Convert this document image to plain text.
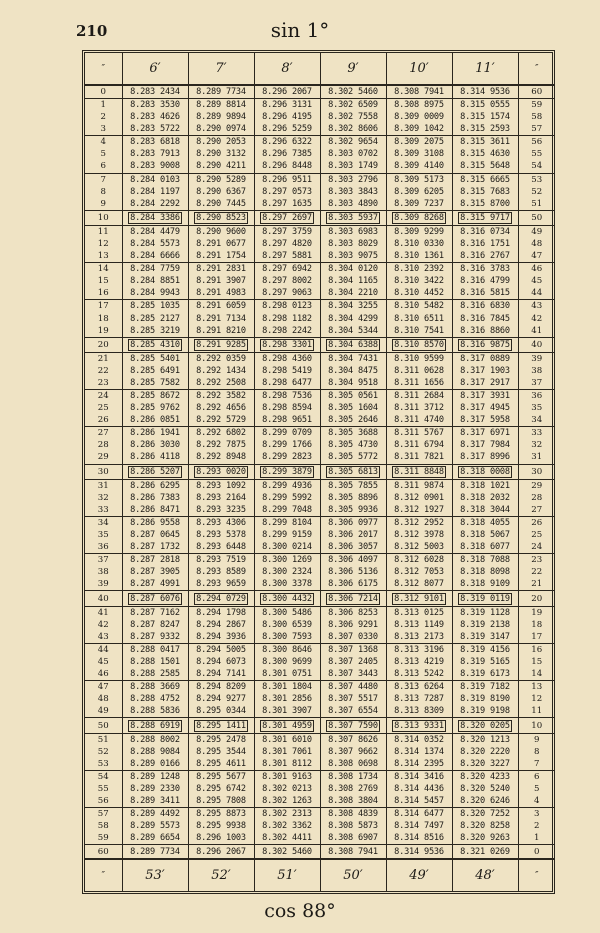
210	sin 1°
″	6′	7′	8′	9′	10′	11′	″
0	8.283 2434	8.289 7734	8.296 2067	8.302 5460	8.308 7941	8.314 9536	60
1	8.283 3530	8.289 8814	8.296 3131	8.302 6509	8.308 8975	8.315 0555	59
2	8.283 4626	8.289 9894	8.296 4195	8.302 7558	8.309 0009	8.315 1574	58
3	8.283 5722	8.290 0974	8.296 5259	8.302 8606	8.309 1042	8.315 2593	57
4	8.283 6818	8.290 2053	8.296 6322	8.302 9654	8.309 2075	8.315 3611	56
5	8.283 7913	8.290 3132	8.296 7385	8.303 0702	8.309 3108	8.315 4630	55
6	8.283 9008	8.290 4211	8.296 8448	8.303 1749	8.309 4140	8.315 5648	54
7	8.284 0103	8.290 5289	8.296 9511	8.303 2796	8.309 5173	8.315 6665	53
8	8.284 1197	8.290 6367	8.297 0573	8.303 3843	8.309 6205	8.315 7683	52
9	8.284 2292	8.290 7445	8.297 1635	8.303 4890	8.309 7237	8.315 8700	51
10	8.284 3386	8.290 8523	8.297 2697	8.303 5937	8.309 8268	8.315 9717	50
11	8.284 4479	8.290 9600	8.297 3759	8.303 6983	8.309 9299	8.316 0734	49
12	8.284 5573	8.291 0677	8.297 4820	8.303 8029	8.310 0330	8.316 1751	48
13	8.284 6666	8.291 1754	8.297 5881	8.303 9075	8.310 1361	8.316 2767	47
14	8.284 7759	8.291 2831	8.297 6942	8.304 0120	8.310 2392	8.316 3783	46
15	8.284 8851	8.291 3907	8.297 8002	8.304 1165	8.310 3422	8.316 4799	45
16	8.284 9943	8.291 4983	8.297 9063	8.304 2210	8.310 4452	8.316 5815	44
17	8.285 1035	8.291 6059	8.298 0123	8.304 3255	8.310 5482	8.316 6830	43
18	8.285 2127	8.291 7134	8.298 1182	8.304 4299	8.310 6511	8.316 7845	42
19	8.285 3219	8.291 8210	8.298 2242	8.304 5344	8.310 7541	8.316 8860	41
20	8.285 4310	8.291 9285	8.298 3301	8.304 6388	8.310 8570	8.316 9875	40
21	8.285 5401	8.292 0359	8.298 4360	8.304 7431	8.310 9599	8.317 0889	39
22	8.285 6491	8.292 1434	8.298 5419	8.304 8475	8.311 0628	8.317 1903	38
23	8.285 7582	8.292 2508	8.298 6477	8.304 9518	8.311 1656	8.317 2917	37
24	8.285 8672	8.292 3582	8.298 7536	8.305 0561	8.311 2684	8.317 3931	36
25	8.285 9762	8.292 4656	8.298 8594	8.305 1604	8.311 3712	8.317 4945	35
26	8.286 0851	8.292 5729	8.298 9651	8.305 2646	8.311 4740	8.317 5958	34
27	8.286 1941	8.292 6802	8.299 0709	8.305 3688	8.311 5767	8.317 6971	33
28	8.286 3030	8.292 7875	8.299 1766	8.305 4730	8.311 6794	8.317 7984	32
29	8.286 4118	8.292 8948	8.299 2823	8.305 5772	8.311 7821	8.317 8996	31
30	8.286 5207	8.293 0020	8.299 3879	8.305 6813	8.311 8848	8.318 0008	30
31	8.286 6295	8.293 1092	8.299 4936	8.305 7855	8.311 9874	8.318 1021	29
32	8.286 7383	8.293 2164	8.299 5992	8.305 8896	8.312 0901	8.318 2032	28
33	8.286 8471	8.293 3235	8.299 7048	8.305 9936	8.312 1927	8.318 3044	27
34	8.286 9558	8.293 4306	8.299 8104	8.306 0977	8.312 2952	8.318 4055	26
35	8.287 0645	8.293 5378	8.299 9159	8.306 2017	8.312 3978	8.318 5067	25
36	8.287 1732	8.293 6448	8.300 0214	8.306 3057	8.312 5003	8.318 6077	24
37	8.287 2818	8.293 7519	8.300 1269	8.306 4097	8.312 6028	8.318 7088	23
38	8.287 3905	8.293 8589	8.300 2324	8.306 5136	8.312 7053	8.318 8098	22
39	8.287 4991	8.293 9659	8.300 3378	8.306 6175	8.312 8077	8.318 9109	21
40	8.287 6076	8.294 0729	8.300 4432	8.306 7214	8.312 9101	8.319 0119	20
41	8.287 7162	8.294 1798	8.300 5486	8.306 8253	8.313 0125	8.319 1128	19
42	8.287 8247	8.294 2867	8.300 6539	8.306 9291	8.313 1149	8.319 2138	18
43	8.287 9332	8.294 3936	8.300 7593	8.307 0330	8.313 2173	8.319 3147	17
44	8.288 0417	8.294 5005	8.300 8646	8.307 1368	8.313 3196	8.319 4156	16
45	8.288 1501	8.294 6073	8.300 9699	8.307 2405	8.313 4219	8.319 5165	15
46	8.288 2585	8.294 7141	8.301 0751	8.307 3443	8.313 5242	8.319 6173	14
47	8.288 3669	8.294 8209	8.301 1804	8.307 4480	8.313 6264	8.319 7182	13
48	8.288 4752	8.294 9277	8.301 2856	8.307 5517	8.313 7287	8.319 8190	12
49	8.288 5836	8.295 0344	8.301 3907	8.307 6554	8.313 8309	8.319 9198	11
50	8.288 6919	8.295 1411	8.301 4959	8.307 7590	8.313 9331	8.320 0205	10
51	8.288 8002	8.295 2478	8.301 6010	8.307 8626	8.314 0352	8.320 1213	9
52	8.288 9084	8.295 3544	8.301 7061	8.307 9662	8.314 1374	8.320 2220	8
53	8.289 0166	8.295 4611	8.301 8112	8.308 0698	8.314 2395	8.320 3227	7
54	8.289 1248	8.295 5677	8.301 9163	8.308 1734	8.314 3416	8.320 4233	6
55	8.289 2330	8.295 6742	8.302 0213	8.308 2769	8.314 4436	8.320 5240	5
56	8.289 3411	8.295 7808	8.302 1263	8.308 3804	8.314 5457	8.320 6246	4
57	8.289 4492	8.295 8873	8.302 2313	8.308 4839	8.314 6477	8.320 7252	3
58	8.289 5573	8.295 9938	8.302 3362	8.308 5873	8.314 7497	8.320 8258	2
59	8.289 6654	8.296 1003	8.302 4411	8.308 6907	8.314 8516	8.320 9263	1
60	8.289 7734	8.296 2067	8.302 5460	8.308 7941	8.314 9536	8.321 0269	0
″	53′	52′	51′	50′	49′	48′	″
cos 88°
